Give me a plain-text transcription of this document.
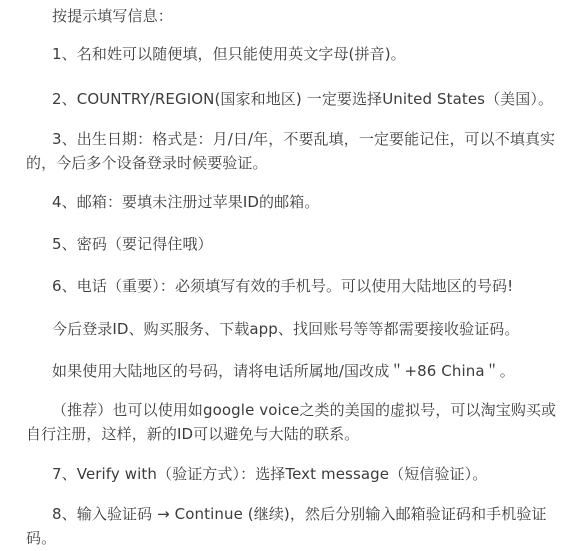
按提示填写信息：

1、名和姓可以随便填，但只能使用英文字母(拼音)。

2、COUNTRY/REGION(国家和地区) 一定要选择United States（美国）。

3、出生日期：格式是：月/日/年，不要乱填，一定要能记住，可以不填真实的，今后多个设备登录时候要验证。

4、邮箱：要填未注册过苹果ID的邮箱。

5、密码（要记得住哦）

6、电话（重要）：必须填写有效的手机号。可以使用大陆地区的号码!

今后登录ID、购买服务、下载app、找回账号等等都需要接收验证码。

如果使用大陆地区的号码，请将电话所属地/国改成＂+86 China＂。

（推荐）也可以使用如google voice之类的美国的虚拟号，可以淘宝购买或自行注册，这样，新的ID可以避免与大陆的联系。

7、Verify with（验证方式）：选择Text message（短信验证）。

8、输入验证码 → Continue (继续)，然后分别输入邮箱验证码和手机验证码。
